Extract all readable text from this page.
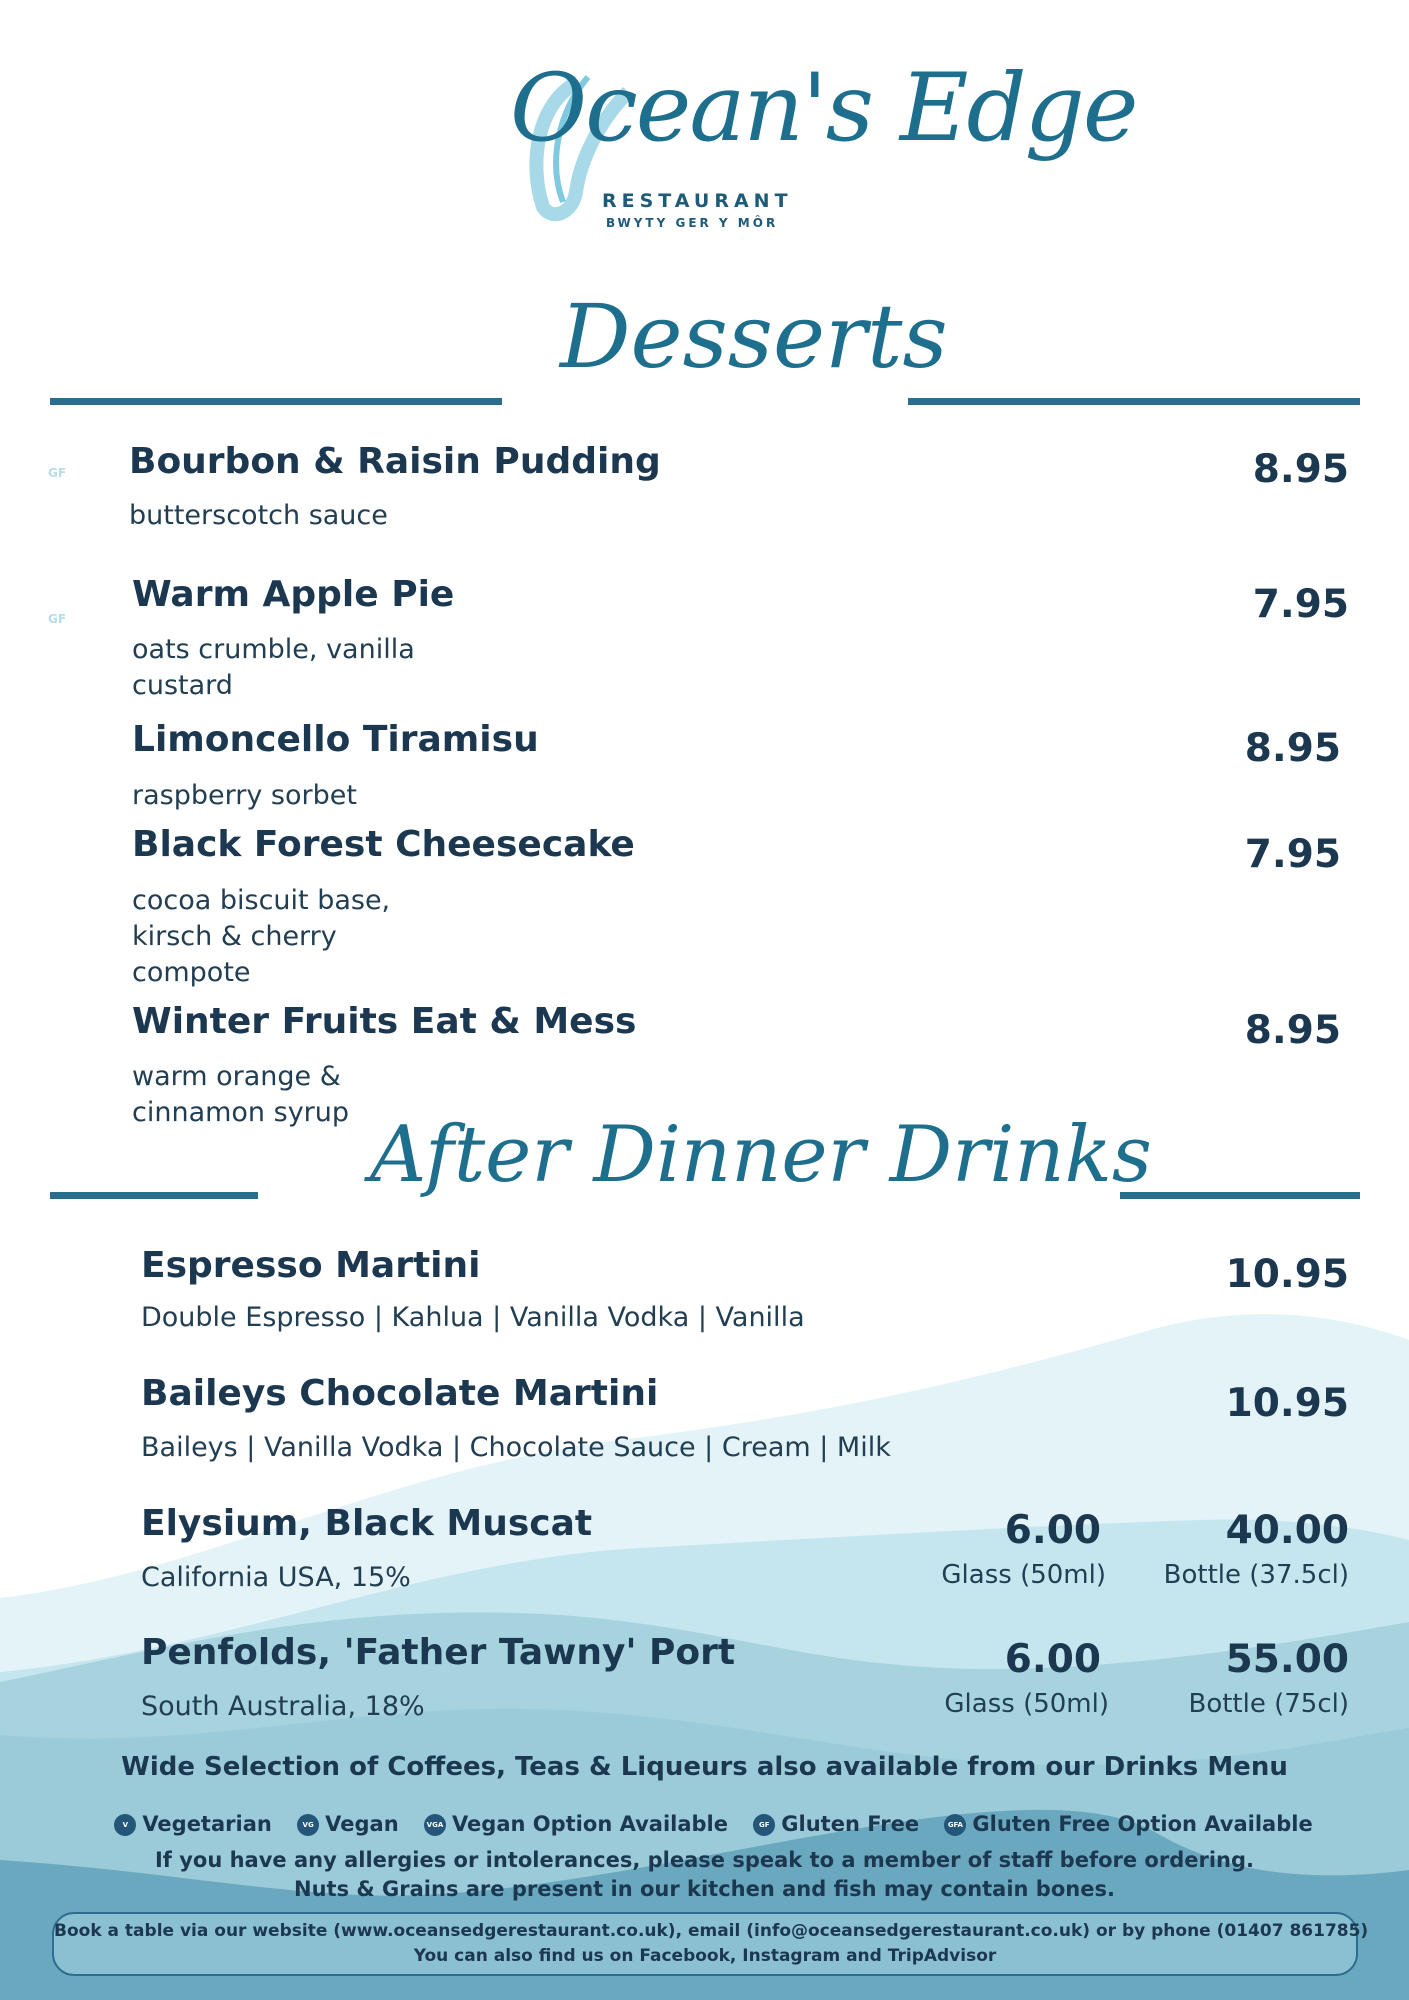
Ocean's Edge
RESTAURANT
BWYTY GER Y MÔR
Desserts
GF Bourbon & Raisin Pudding
butterscotch sauce
8.95
GF
Warm Apple Pie
oats crumble, vanilla
custard
7.95
Limoncello Tiramisu
raspberry sorbet
8.95
Black Forest Cheesecake
cocoa biscuit base,
kirsch & cherry
compote
7.95
Winter Fruits Eat & Mess
warm orange &
cinnamon syrup
8.95
After Dinner Drinks
Espresso Martini
Double Espresso | Kahlua | Vanilla Vodka | Vanilla
10.95
Baileys Chocolate Martini
Baileys | Vanilla Vodka | Chocolate Sauce | Cream | Milk
10.95
Elysium, Black Muscat
California USA, 15%
6.00
Glass (50ml)
40.00
Bottle (37.5cl)
Penfolds, 'Father Tawny' Port
South Australia, 18%
6.00
Glass (50ml)
55.00
Bottle (75cl)
Wide Selection of Coffees, Teas & Liqueurs also available from our Drinks Menu
V Vegetarian	VG Vegan	VGA Vegan Option Available	GF Gluten Free	GFA Gluten Free Option Available
If you have any allergies or intolerances, please speak to a member of staff before ordering.
Nuts & Grains are present in our kitchen and fish may contain bones.
Book a table via our website (www.oceansedgerestaurant.co.uk), email (info@oceansedgerestaurant.co.uk) or by phone (01407 861785)
You can also find us on Facebook, Instagram and TripAdvisor
